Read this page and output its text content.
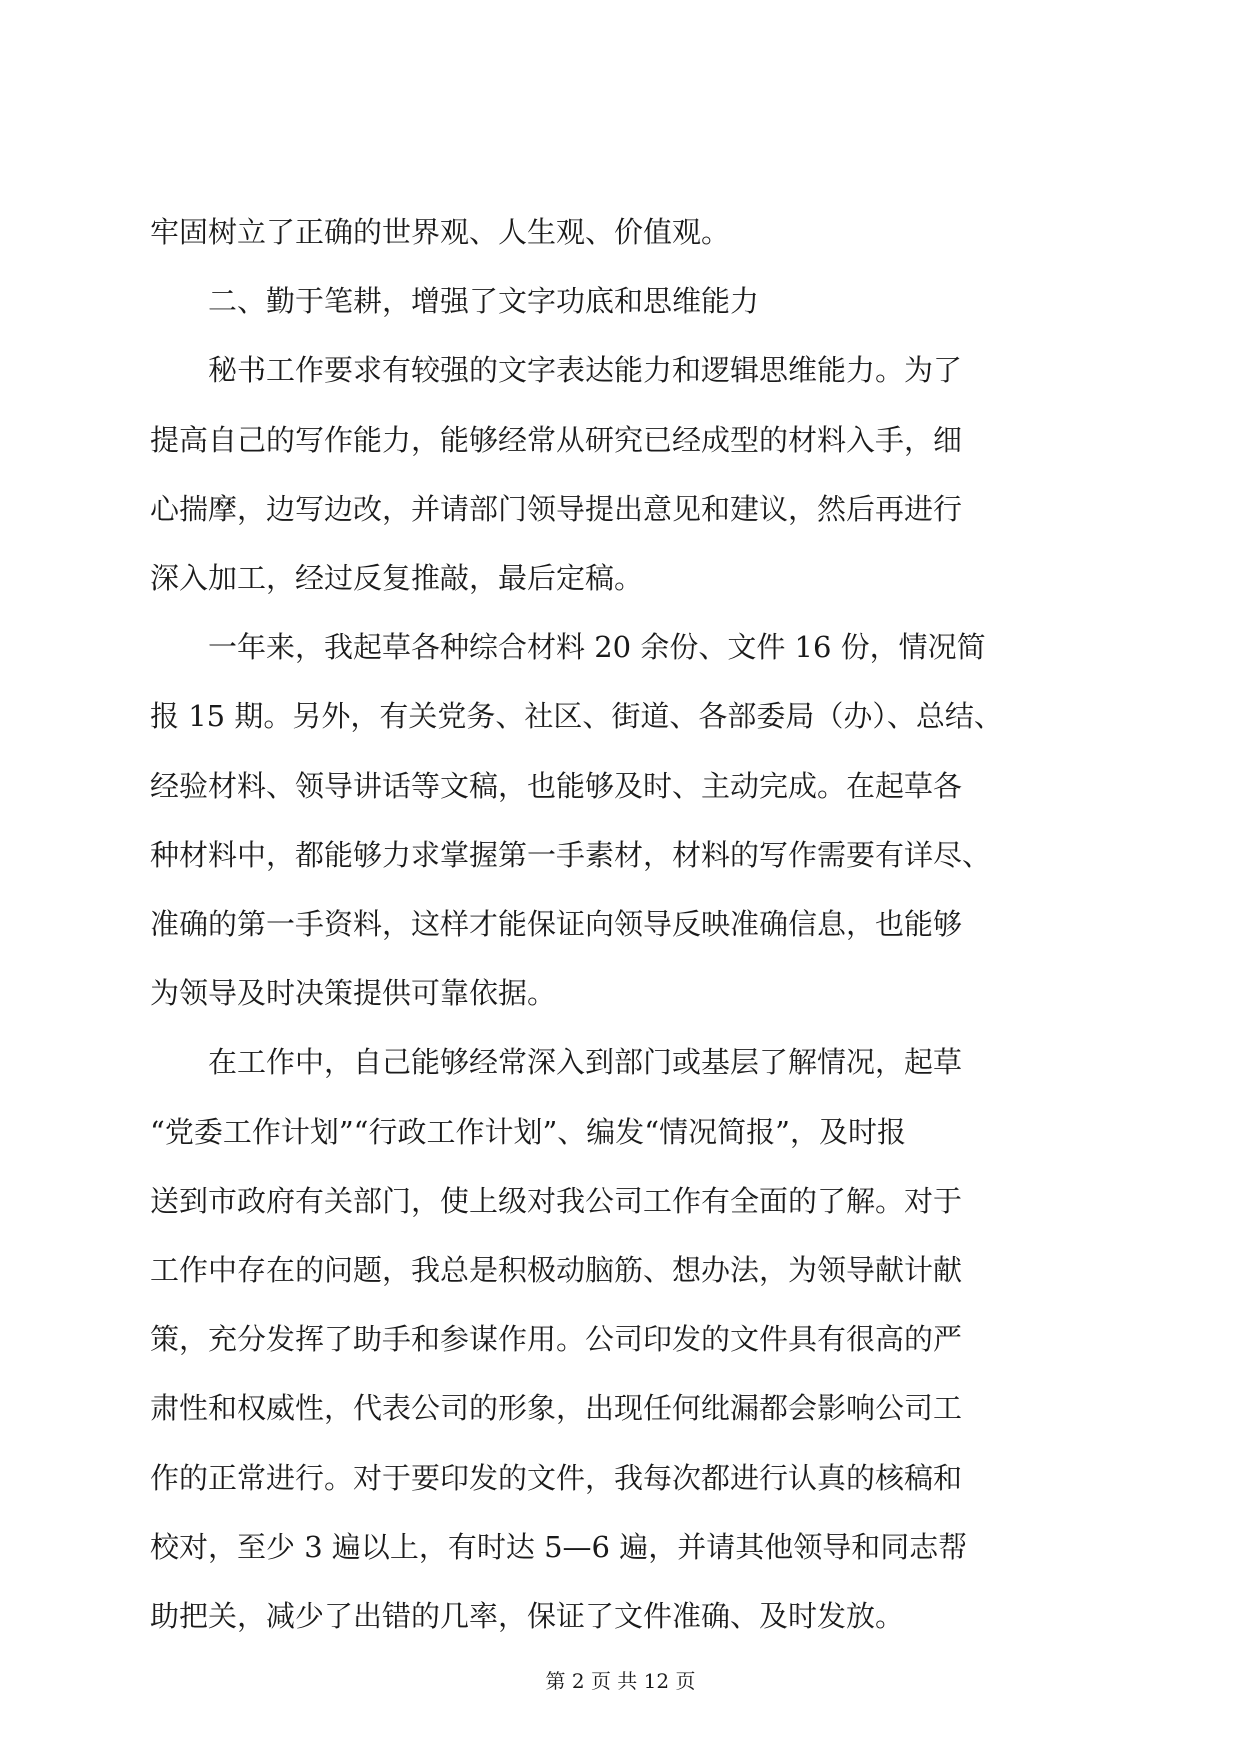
牢固树立了正确的世界观、人生观、价值观。
　　二、勤于笔耕，增强了文字功底和思维能力
　　秘书工作要求有较强的文字表达能力和逻辑思维能力。为了
提高自己的写作能力，能够经常从研究已经成型的材料入手，细
心揣摩，边写边改，并请部门领导提出意见和建议，然后再进行
深入加工，经过反复推敲，最后定稿。
　　一年来，我起草各种综合材料 20 余份、文件 16 份，情况简
报 15 期。另外，有关党务、社区、街道、各部委局（办）、总结、
经验材料、领导讲话等文稿，也能够及时、主动完成。在起草各
种材料中，都能够力求掌握第一手素材，材料的写作需要有详尽、
准确的第一手资料，这样才能保证向领导反映准确信息，也能够
为领导及时决策提供可靠依据。
　　在工作中，自己能够经常深入到部门或基层了解情况，起草
“党委工作计划”“行政工作计划”、编发“情况简报”，及时报
送到市政府有关部门，使上级对我公司工作有全面的了解。对于
工作中存在的问题，我总是积极动脑筋、想办法，为领导献计献
策，充分发挥了助手和参谋作用。公司印发的文件具有很高的严
肃性和权威性，代表公司的形象，出现任何纰漏都会影响公司工
作的正常进行。对于要印发的文件，我每次都进行认真的核稿和
校对，至少 3 遍以上，有时达 5—6 遍，并请其他领导和同志帮
助把关，减少了出错的几率，保证了文件准确、及时发放。
第 2 页 共 12 页
